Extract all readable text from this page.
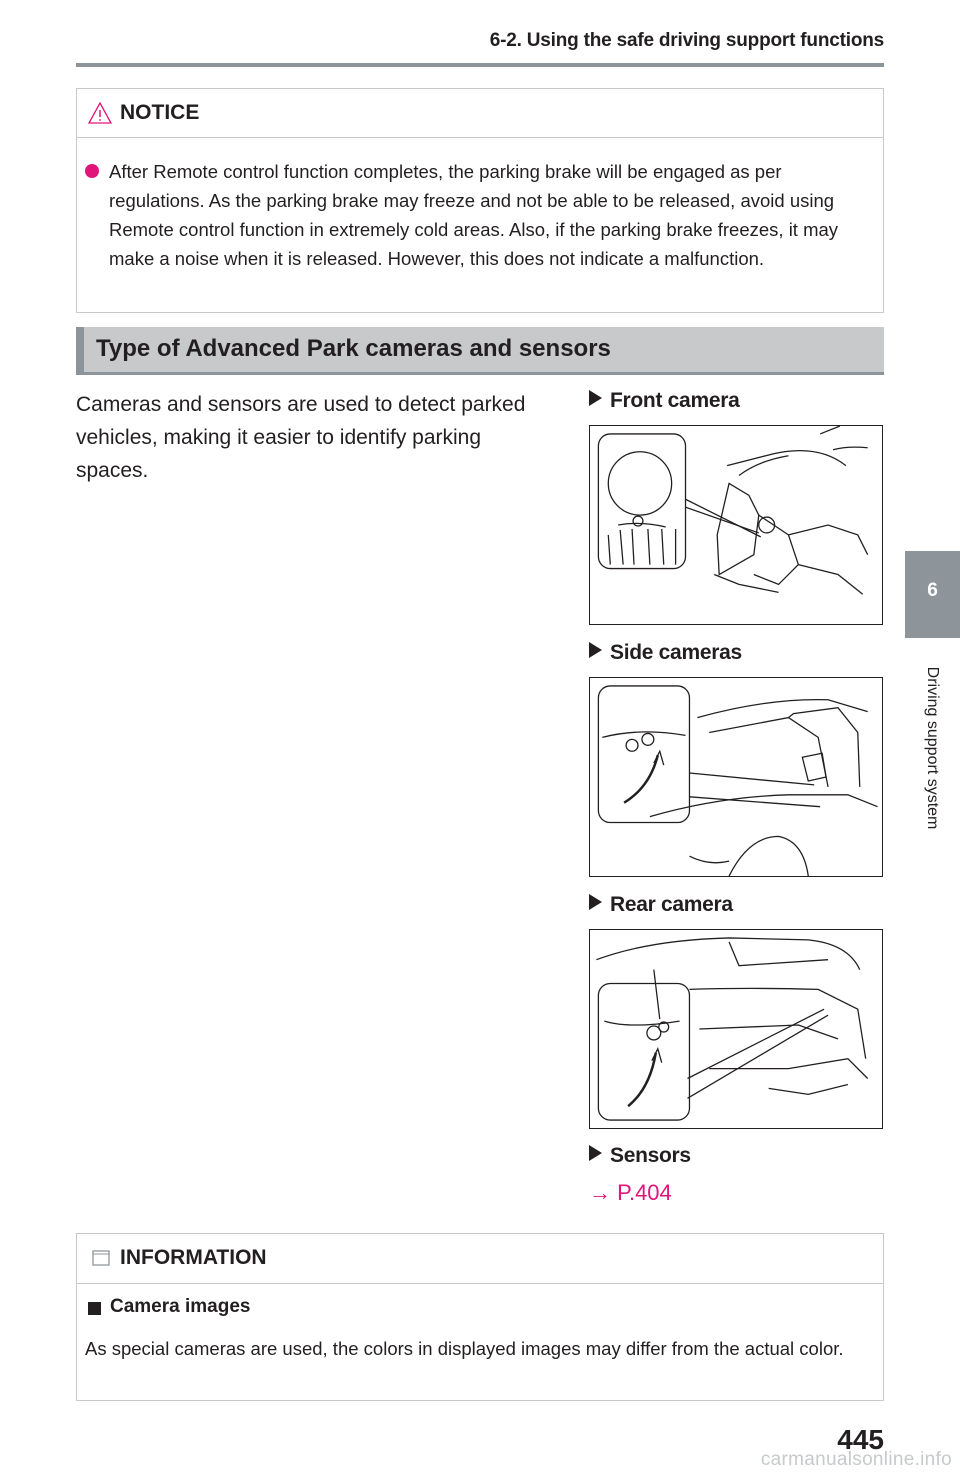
6-2. Using the safe driving support functions
6
Driving support system
NOTICE
After Remote control function completes, the parking brake will be engaged as per regulations. As the parking brake may freeze and not be able to be released, avoid using Remote control function in extremely cold areas. Also, if the parking brake freezes, it may make a noise when it is released. However, this does not indicate a malfunction.
Type of Advanced Park cameras and sensors
Cameras and sensors are used to detect parked vehicles, making it easier to identify parking spaces.
Front camera
Side cameras
Rear camera
Sensors
→ P.404
INFORMATION
Camera images
As special cameras are used, the colors in displayed images may differ from the actual color.
445
carmanualsonline.info
